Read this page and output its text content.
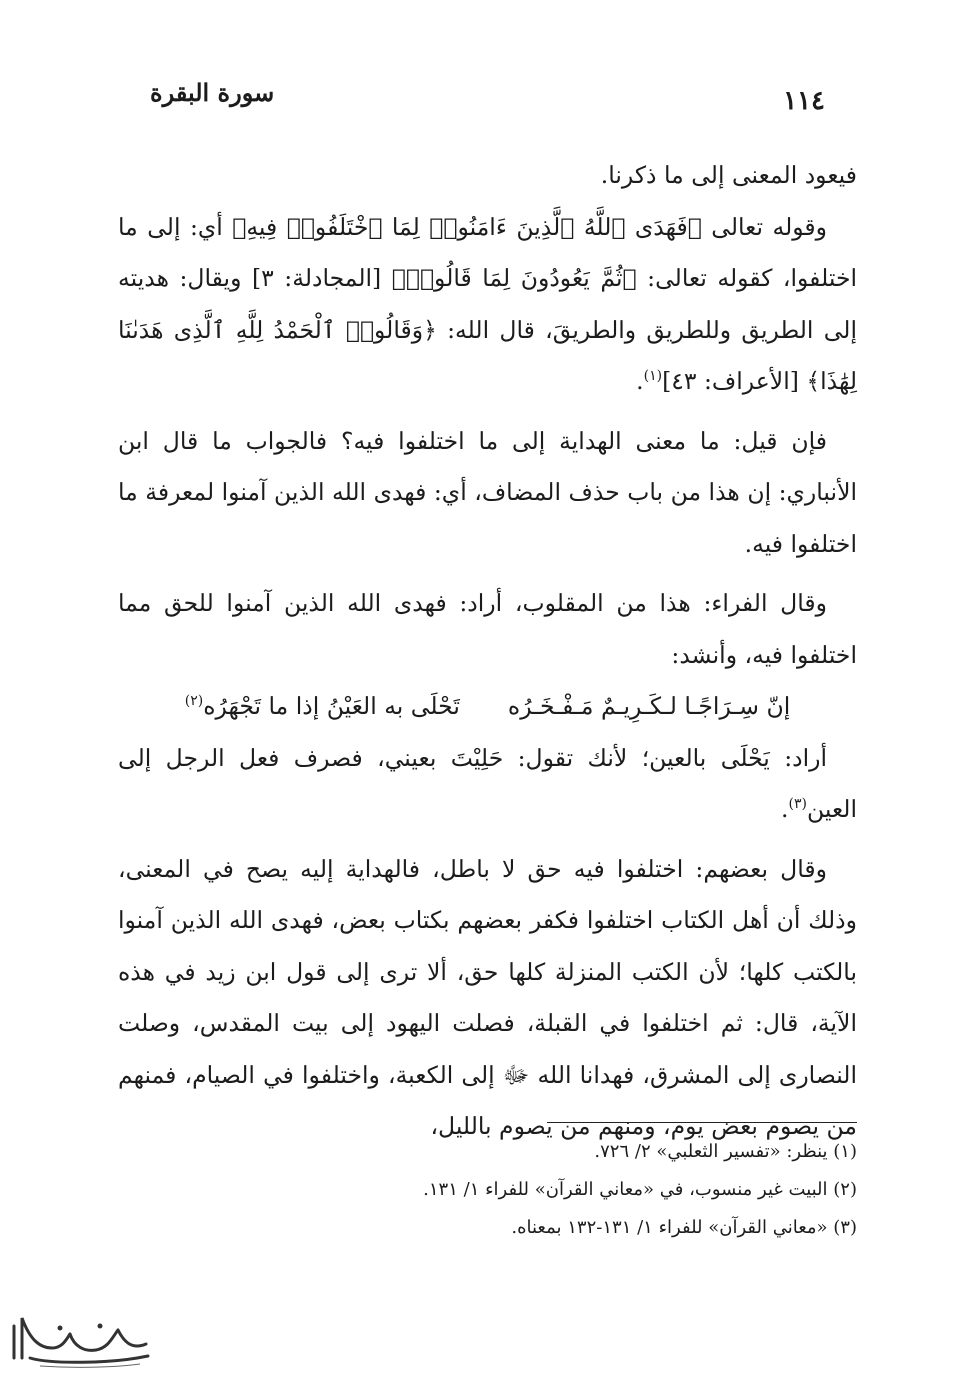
١١٤
سورة البقرة

فيعود المعنى إلى ما ذكرنا.

وقوله تعالى ﴿فَهَدَى ٱللَّهُ ٱلَّذِينَ ءَامَنُوا۟ لِمَا ٱخْتَلَفُوا۟ فِيهِ﴾ أي: إلى ما اختلفوا، كقوله تعالى: ﴿ثُمَّ يَعُودُونَ لِمَا قَالُوا۟﴾ [المجادلة: ٣] ويقال: هديته إلى الطريق وللطريق والطريقَ، قال الله: ﴿وَقَالُوا۟ ٱلْحَمْدُ لِلَّهِ ٱلَّذِى هَدَىٰنَا لِهَٰذَا﴾ [الأعراف: ٤٣]$^{(١)}$.

فإن قيل: ما معنى الهداية إلى ما اختلفوا فيه؟ فالجواب ما قال ابن الأنباري: إن هذا من باب حذف المضاف، أي: فهدى الله الذين آمنوا لمعرفة ما اختلفوا فيه.

وقال الفراء: هذا من المقلوب، أراد: فهدى الله الذين آمنوا للحق مما اختلفوا فيه، وأنشد:

إنّ سِـرَاجًـا لـكَـرِيـمٌ مَـفْـخَـرُه
تَحْلَى به العَيْنُ إذا ما تَجْهَرُه$^{(٢)}$

أراد: يَحْلَى بالعين؛ لأنك تقول: حَلِيْتَ بعيني، فصرف فعل الرجل إلى العين$^{(٣)}$.

وقال بعضهم: اختلفوا فيه حق لا باطل، فالهداية إليه يصح في المعنى، وذلك أن أهل الكتاب اختلفوا فكفر بعضهم بكتاب بعض، فهدى الله الذين آمنوا بالكتب كلها؛ لأن الكتب المنزلة كلها حق، ألا ترى إلى قول ابن زيد في هذه الآية، قال: ثم اختلفوا في القبلة، فصلت اليهود إلى بيت المقدس، وصلت النصارى إلى المشرق، فهدانا الله ﷻ إلى الكعبة، واختلفوا في الصيام، فمنهم من يصوم بعض يوم، ومنهم من يصوم بالليل،

(١) ينظر: «تفسير الثعلبي» ٢/ ٧٢٦.

(٢) البيت غير منسوب، في «معاني القرآن» للفراء ١/ ١٣١.

(٣) «معاني القرآن» للفراء ١/ ١٣١-١٣٢ بمعناه.
